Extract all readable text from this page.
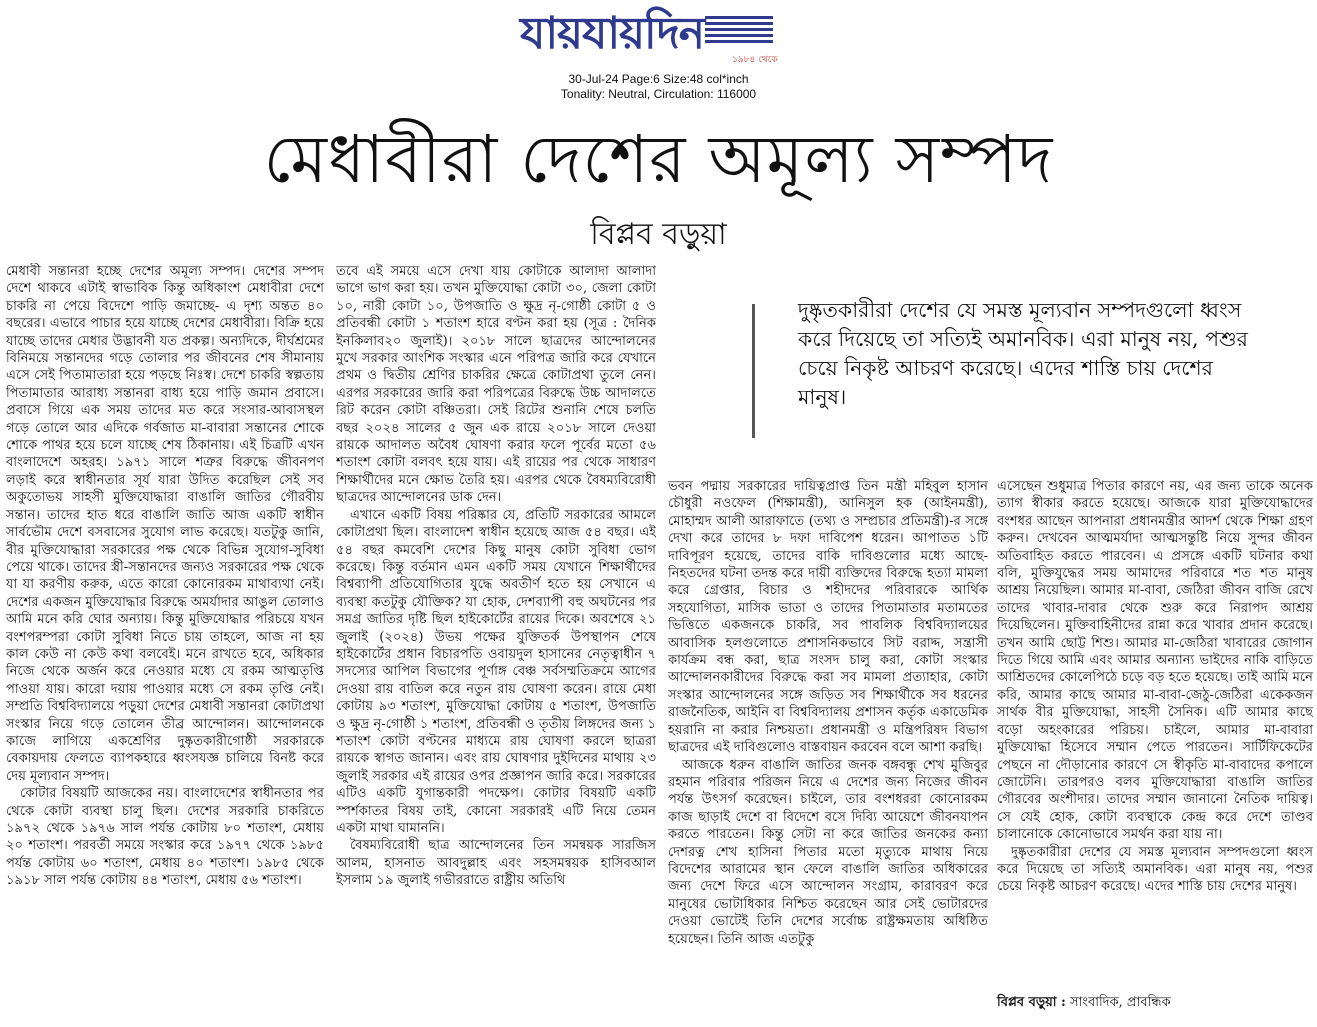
যায়যায়দিন
১৯৮৪ থেকে
30-Jul-24 Page:6 Size:48 col*inch
Tonality: Neutral, Circulation: 116000
মেধাবীরা দেশের অমূল্য সম্পদ
বিপ্লব বড়ুয়া

মেধাবী সন্তানরা হচ্ছে দেশের অমূল্য সম্পদ। দেশের সম্পদ দেশে থাকবে এটাই স্বাভাবিক কিন্তু অধিকাংশ মেধাবীরা দেশে চাকরি না পেয়ে বিদেশে পাড়ি জমাচ্ছে- এ দৃশ্য অন্তত ৪০ বছরের। এভাবে পাচার হয়ে যাচ্ছে দেশের মেধাবীরা। বিক্রি হয়ে যাচ্ছে তাদের মেধার উদ্ভাবনী যত প্রকল্প। অন্যদিকে, দীর্ঘশ্রমের বিনিময়ে সন্তানদের গড়ে তোলার পর জীবনের শেষ সীমানায় এসে সেই পিতামাতারা হয়ে পড়ছে নিঃস্ব। দেশে চাকরি স্বল্পতায় পিতামাতার আরাধ্য সন্তানরা বাধ্য হয়ে পাড়ি জমান প্রবাসে। প্রবাসে গিয়ে এক সময় তাদের মত করে সংসার-আবাসস্থল গড়ে তোলে আর এদিকে গর্বজাত মা-বাবারা সন্তানের শোকে শোকে পাথর হয়ে চলে যাচ্ছে শেষ ঠিকানায়। এই চিত্রটি এখন বাংলাদেশে অহরহ। ১৯৭১ সালে শত্রুর বিরুদ্ধে জীবনপণ লড়াই করে স্বাধীনতার সূর্য যারা উদিত করেছিল সেই সব অকুতোভয় সাহসী মুক্তিযোদ্ধারা বাঙালি জাতির গৌরবীয় সন্তান। তাদের হাত ধরে বাঙালি জাতি আজ একটি স্বাধীন সার্বভৌম দেশে বসবাসের সুযোগ লাভ করেছে। যতটুকু জানি, বীর মুক্তিযোদ্ধারা সরকারের পক্ষ থেকে বিভিন্ন সুযোগ-সুবিধা পেয়ে থাকে। তাদের স্ত্রী-সন্তানদের জন্যও সরকারের পক্ষ থেকে যা যা করণীয় করুক, এতে কারো কোনোরকম মাথাব্যথা নেই। দেশের একজন মুক্তিযোদ্ধার বিরুদ্ধে অমর্যাদার আঙুল তোলাও আমি মনে করি ঘোর অন্যায়। কিন্তু মুক্তিযোদ্ধার পরিচয়ে যখন বংশপরম্পরা কোটা সুবিধা নিতে চায় তাহলে, আজ না হয় কাল কেউ না কেউ কথা বলবেই। মনে রাখতে হবে, অধিকার নিজে থেকে অর্জন করে নেওয়ার মধ্যে যে রকম আত্মতৃপ্তি পাওয়া যায়। কারো দয়ায় পাওয়ার মধ্যে সে রকম তৃপ্তি নেই। সম্প্রতি বিশ্ববিদ্যালয়ে পড়ুয়া দেশের মেধাবী সন্তানরা কোটাপ্রথা সংস্কার নিয়ে গড়ে তোলেন তীব্র আন্দোলন। আন্দোলনকে কাজে লাগিয়ে একশ্রেণির দুষ্কৃতকারীগোষ্ঠী সরকারকে বেকায়দায় ফেলতে ব্যাপকহারে ধ্বংসযজ্ঞ চালিয়ে বিনষ্ট করে দেয় মূল্যবান সম্পদ।

কোটার বিষয়টি আজকের নয়। বাংলাদেশের স্বাধীনতার পর থেকে কোটা ব্যবস্থা চালু ছিল। দেশের সরকারি চাকরিতে ১৯৭২ থেকে ১৯৭৬ সাল পর্যন্ত কোটায় ৮০ শতাংশ, মেধায় ২০ শতাংশ। পরবর্তী সময়ে সংস্কার করে ১৯৭৭ থেকে ১৯৮৫ পর্যন্ত কোটায় ৬০ শতাংশ, মেধায় ৪০ শতাংশ। ১৯৮৫ থেকে ১৯১৮ সাল পর্যন্ত কোটায় ৪৪ শতাংশ, মেধায় ৫৬ শতাংশ।

তবে এই সময়ে এসে দেখা যায় কোটাকে আলাদা আলাদা ভাগে ভাগ করা হয়। তখন মুক্তিযোদ্ধা কোটা ৩০, জেলা কোটা ১০, নারী কোটা ১০, উপজাতি ও ক্ষুদ্র নৃ-গোষ্ঠী কোটা ৫ ও প্রতিবন্ধী কোটা ১ শতাংশ হারে বণ্টন করা হয় (সূত্র : দৈনিক ইনকিলাব২০ জুলাই)। ২০১৮ সালে ছাত্রদের আন্দোলনের মুখে সরকার আংশিক সংস্কার এনে পরিপত্র জারি করে যেখানে প্রথম ও দ্বিতীয় শ্রেণির চাকরির ক্ষেত্রে কোটাপ্রথা তুলে নেন। এরপর সরকারের জারি করা পরিপত্রের বিরুদ্ধে উচ্চ আদালতে রিট করেন কোটা বঞ্চিতরা। সেই রিটের শুনানি শেষে চলতি বছর ২০২৪ সালের ৫ জুন এক রায়ে ২০১৮ সালে দেওয়া রায়কে আদালত অবৈধ ঘোষণা করার ফলে পূর্বের মতো ৫৬ শতাংশ কোটা বলবৎ হয়ে যায়। এই রায়ের পর থেকে সাধারণ শিক্ষার্থীদের মনে ক্ষোভ তৈরি হয়। এরপর থেকে বৈষম্যবিরোধী ছাত্রদের আন্দোলনের ডাক দেন।

এখানে একটি বিষয় পরিষ্কার যে, প্রতিটি সরকারের আমলে কোটাপ্রথা ছিল। বাংলাদেশ স্বাধীন হয়েছে আজ ৫৪ বছর। এই ৫৪ বছর কমবেশি দেশের কিছু মানুষ কোটা সুবিধা ভোগ করেছে। কিন্তু বর্তমান এমন একটি সময় যেখানে শিক্ষার্থীদের বিশ্বব্যাপী প্রতিযোগিতার যুদ্ধে অবতীর্ণ হতে হয় সেখানে এ ব্যবস্থা কতটুকু যৌক্তিক? যা হোক, দেশব্যাপী বহু অঘটনের পর সমগ্র জাতির দৃষ্টি ছিল হাইকোর্টের রায়ের দিকে। অবশেষে ২১ জুলাই (২০২৪) উভয় পক্ষের যুক্তিতর্ক উপস্থাপন শেষে হাইকোর্টের প্রধান বিচারপতি ওবায়দুল হাসানের নেতৃত্বাধীন ৭ সদস্যের আপিল বিভাগের পূর্ণাঙ্গ বেঞ্চ সর্বসম্মতিক্রমে আগের দেওয়া রায় বাতিল করে নতুন রায় ঘোষণা করেন। রায়ে মেধা কোটায় ৯৩ শতাংশ, মুক্তিযোদ্ধা কোটায় ৫ শতাংশ, উপজাতি ও ক্ষুদ্র নৃ-গোষ্ঠী ১ শতাংশ, প্রতিবন্ধী ও তৃতীয় লিঙ্গদের জন্য ১ শতাংশ কোটা বণ্টনের মাধ্যমে রায় ঘোষণা করলে ছাত্ররা রায়কে স্বাগত জানান। এবং রায় ঘোষণার দুইদিনের মাথায় ২৩ জুলাই সরকার এই রায়ের ওপর প্রজ্ঞাপন জারি করে। সরকারের এটিও একটি যুগান্তকারী পদক্ষেপ। কোটার বিষয়টি একটি স্পর্শকাতর বিষয় তাই, কোনো সরকারই এটি নিয়ে তেমন একটা মাথা ঘামাননি।

বৈষম্যবিরোধী ছাত্র আন্দোলনের তিন সমন্বয়ক সারজিস আলম, হাসনাত আবদুল্লাহ এবং সহসমন্বয়ক হাসিবআল ইসলাম ১৯ জুলাই গভীররাতে রাষ্ট্রীয় অতিথি

দুষ্কৃতকারীরা দেশের যে সমস্ত মূল্যবান সম্পদগুলো ধ্বংস করে দিয়েছে তা সত্যিই অমানবিক। এরা মানুষ নয়, পশুর চেয়ে নিকৃষ্ট আচরণ করেছে। এদের শাস্তি চায় দেশের মানুষ।

ভবন পদ্মায় সরকারের দায়িত্বপ্রাপ্ত তিন মন্ত্রী মহিবুল হাসান চৌধুরী নওফেল (শিক্ষামন্ত্রী), আনিসুল হক (আইনমন্ত্রী), মোহাম্মদ আলী আরাফাতে (তথ্য ও সম্প্রচার প্রতিমন্ত্রী)-র সঙ্গে দেখা করে তাদের ৮ দফা দাবিপেশ ধরেন। আপাতত ১টি দাবিপূরণ হয়েছে, তাদের বাকি দাবিগুলোর মধ্যে আছে- নিহতদের ঘটনা তদন্ত করে দায়ী ব্যক্তিদের বিরুদ্ধে হত্যা মামলা করে গ্রেপ্তার, বিচার ও শহীদদের পরিবারকে আর্থিক সহযোগিতা, মাসিক ভাতা ও তাদের পিতামাতার মতামতের ভিত্তিতে একজনকে চাকরি, সব পাবলিক বিশ্ববিদ্যালয়ের আবাসিক হলগুলোতে প্রশাসনিকভাবে সিট বরাদ্দ, সন্ত্রাসী কার্যক্রম বন্ধ করা, ছাত্র সংসদ চালু করা, কোটা সংস্কার আন্দোলনকারীদের বিরুদ্ধে করা সব মামলা প্রত্যাহার, কোটা সংস্কার আন্দোলনের সঙ্গে জড়িত সব শিক্ষার্থীকে সব ধরনের রাজনৈতিক, আইনি বা বিশ্ববিদ্যালয় প্রশাসন কর্তৃক একাডেমিক হয়রানি না করার নিশ্চয়তা। প্রধানমন্ত্রী ও মন্ত্রিপরিষদ বিভাগ ছাত্রদের এই দাবিগুলোও বাস্তবায়ন করবেন বলে আশা করছি।

আজকে ধরুন বাঙালি জাতির জনক বঙ্গবন্ধু শেখ মুজিবুর রহমান পরিবার পরিজন নিয়ে এ দেশের জন্য নিজের জীবন পর্যন্ত উৎসর্গ করেছেন। চাইলে, তার বংশধররা কোনোরকম কাজ ছাড়াই দেশে বা বিদেশে বসে দিব্যি আয়েশে জীবনযাপন করতে পারতেন। কিন্তু সেটা না করে জাতির জনকের কন্যা দেশরত্ন শেখ হাসিনা পিতার মতো মৃত্যুকে মাথায় নিয়ে বিদেশের আরামের স্থান ফেলে বাঙালি জাতির অধিকারের জন্য দেশে ফিরে এসে আন্দোলন সংগ্রাম, কারাবরণ করে মানুষের ভোটাধিকার নিশ্চিত করেছেন আর সেই ভোটারদের দেওয়া ভোটেই তিনি দেশের সর্বোচ্চ রাষ্ট্রক্ষমতায় অধিষ্ঠিত হয়েছেন। তিনি আজ এতটুকু

এসেছেন শুধুমাত্র পিতার কারণে নয়, এর জন্য তাকে অনেক ত্যাগ স্বীকার করতে হয়েছে। আজকে যারা মুক্তিযোদ্ধাদের বংশধর আছেন আপনারা প্রধানমন্ত্রীর আদর্শ থেকে শিক্ষা গ্রহণ করুন। দেখবেন আত্মমর্যাদা আত্মসন্তুষ্টি নিয়ে সুন্দর জীবন অতিবাহিত করতে পারবেন। এ প্রসঙ্গে একটি ঘটনার কথা বলি, মুক্তিযুদ্ধের সময় আমাদের পরিবারে শত শত মানুষ আশ্রয় নিয়েছিল। আমার মা-বাবা, জেঠিরা জীবন বাজি রেখে তাদের খাবার-দাবার থেকে শুরু করে নিরাপদ আশ্রয় দিয়েছিলেন। মুক্তিবাহিনীদের রান্না করে খাবার প্রদান করেছে। তখন আমি ছোট্ট শিশু। আমার মা-জেঠিরা খাবারের জোগান দিতে গিয়ে আমি এবং আমার অন্যান্য ভাইদের নাকি বাড়িতে আশ্রিতদের কোলেপিঠে চড়ে বড় হতে হয়েছে। তাই আমি মনে করি, আমার কাছে আমার মা-বাবা-জেঠু-জেঠিরা একেকজন সার্থক বীর মুক্তিযোদ্ধা, সাহসী সৈনিক। এটি আমার কাছে বড়ো অহংকারের পরিচয়। চাইলে, আমার মা-বাবারা মুক্তিযোদ্ধা হিসেবে সম্মান পেতে পারতেন। সার্টিফিকেটের পেছনে না দৌড়ানোর কারণে সে স্বীকৃতি মা-বাবাদের কপালে জোটেনি। তারপরও বলব মুক্তিযোদ্ধারা বাঙালি জাতির গৌরবের অংশীদার। তাদের সম্মান জানানো নৈতিক দায়িত্ব। সে যেই হোক, কোটা ব্যবস্থাকে কেন্দ্র করে দেশে তাণ্ডব চালানোকে কোনোভাবে সমর্থন করা যায় না।

দুষ্কৃতকারীরা দেশের যে সমস্ত মূল্যবান সম্পদগুলো ধ্বংস করে দিয়েছে তা সত্যিই অমানবিক। এরা মানুষ নয়, পশুর চেয়ে নিকৃষ্ট আচরণ করেছে। এদের শাস্তি চায় দেশের মানুষ।

বিপ্লব বড়ুয়া : সাংবাদিক, প্রাবন্ধিক
